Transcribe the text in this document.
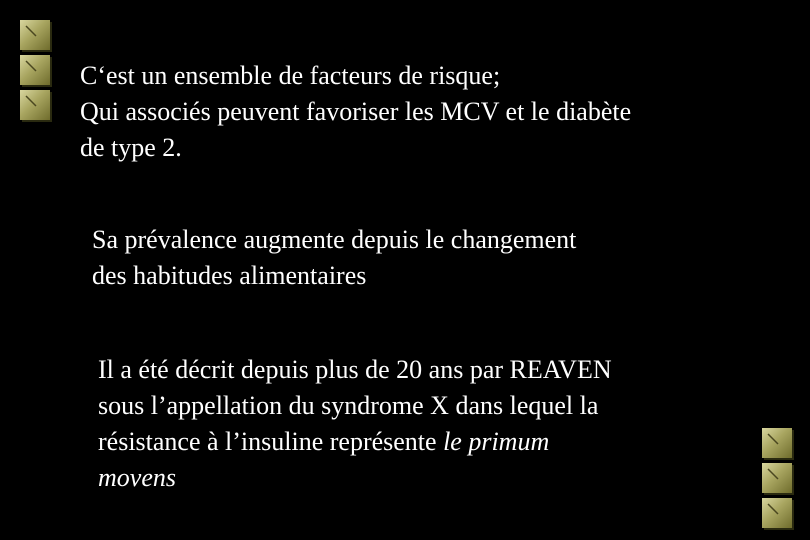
C‘est un ensemble de facteurs de risque;
Qui associés peuvent favoriser les MCV et le diabète
de type 2.
Sa prévalence augmente depuis le changement
des habitudes alimentaires
Il a été décrit depuis plus de 20 ans par REAVEN
sous l’appellation du syndrome X dans lequel la
résistance à l’insuline représente le primum
movens
